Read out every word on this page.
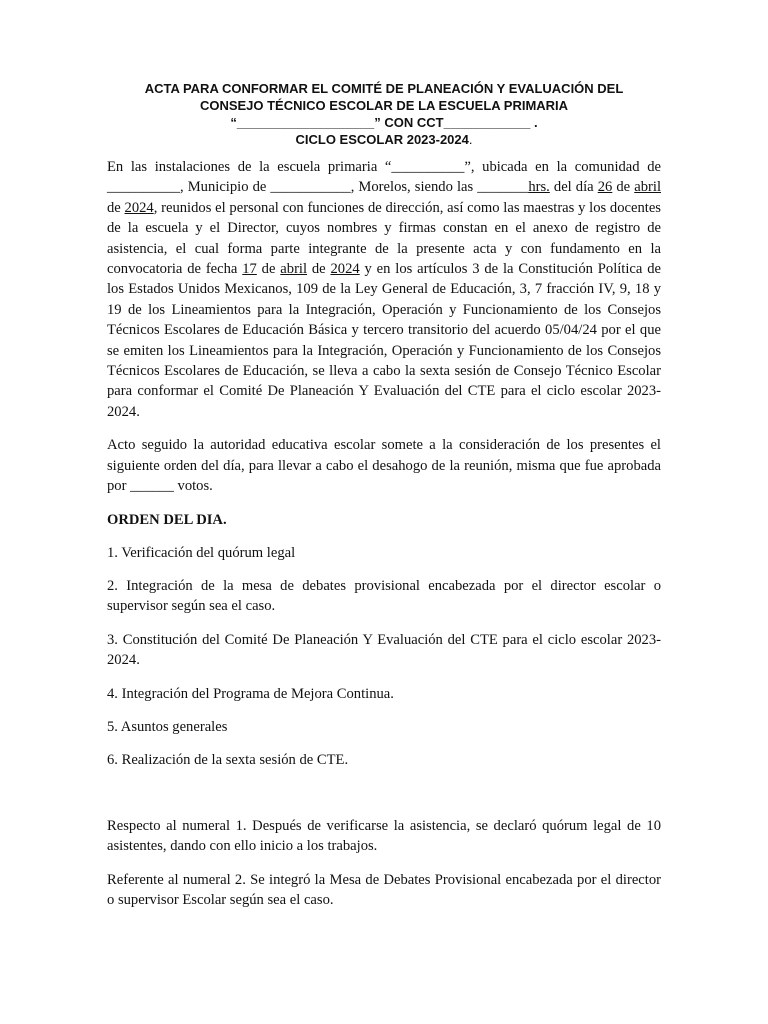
ACTA PARA CONFORMAR EL COMITÉ DE PLANEACIÓN Y EVALUACIÓN DEL
CONSEJO TÉCNICO ESCOLAR DE LA ESCUELA PRIMARIA
“___________________” CON CCT____________ .
CICLO ESCOLAR 2023-2024.

En las instalaciones de la escuela primaria “__________”, ubicada en la comunidad de __________, Municipio de ___________, Morelos, siendo las _______hrs. del día 26 de abril de 2024, reunidos el personal con funciones de dirección, así como las maestras y los docentes de la escuela y el Director, cuyos nombres y firmas constan en el anexo de registro de asistencia, el cual forma parte integrante de la presente acta y con fundamento en la convocatoria de fecha 17 de abril de 2024 y en los artículos 3 de la Constitución Política de los Estados Unidos Mexicanos, 109 de la Ley General de Educación, 3, 7 fracción IV, 9, 18 y 19 de los Lineamientos para la Integración, Operación y Funcionamiento de los Consejos Técnicos Escolares de Educación Básica y tercero transitorio del acuerdo 05/04/24 por el que se emiten los Lineamientos para la Integración, Operación y Funcionamiento de los Consejos Técnicos Escolares de Educación, se lleva a cabo la sexta sesión de Consejo Técnico Escolar para conformar el Comité De Planeación Y Evaluación del CTE para el ciclo escolar 2023-2024.

Acto seguido la autoridad educativa escolar somete a la consideración de los presentes el siguiente orden del día, para llevar a cabo el desahogo de la reunión, misma que fue aprobada por ______ votos.

ORDEN DEL DIA.

1. Verificación del quórum legal

2. Integración de la mesa de debates provisional encabezada por el director escolar o supervisor según sea el caso.

3. Constitución del Comité De Planeación Y Evaluación del CTE para el ciclo escolar 2023-2024.

4. Integración del Programa de Mejora Continua.

5. Asuntos generales

6. Realización de la sexta sesión de CTE.

Respecto al numeral 1. Después de verificarse la asistencia, se declaró quórum legal de 10 asistentes, dando con ello inicio a los trabajos.

Referente al numeral 2. Se integró la Mesa de Debates Provisional encabezada por el director o supervisor Escolar según sea el caso.
